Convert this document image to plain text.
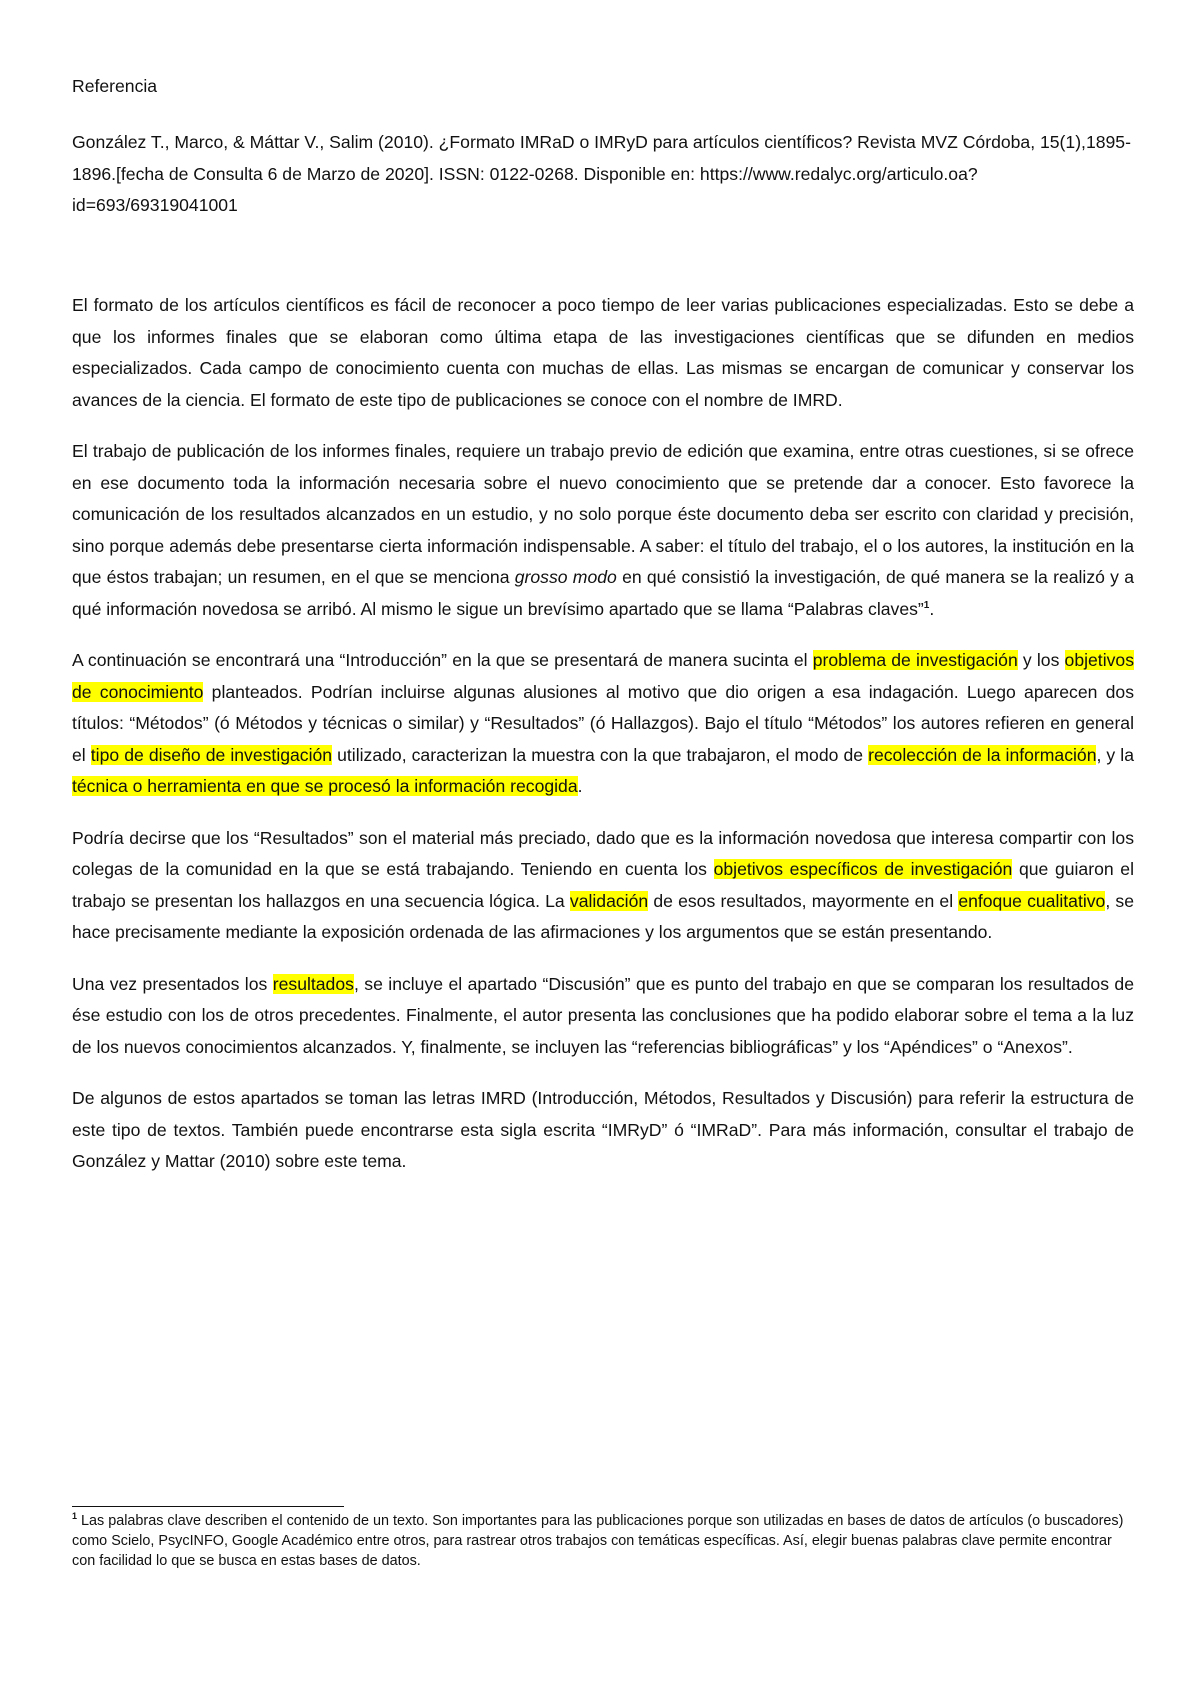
Referencia

González T., Marco, & Máttar V., Salim (2010). ¿Formato IMRaD o IMRyD para artículos científicos? Revista MVZ Córdoba, 15(1),1895-1896.[fecha de Consulta 6 de Marzo de 2020]. ISSN: 0122-0268. Disponible en: https://www.redalyc.org/articulo.oa?id=693/69319041001

El formato de los artículos científicos es fácil de reconocer a poco tiempo de leer varias publicaciones especializadas. Esto se debe a que los informes finales que se elaboran como última etapa de las investigaciones científicas que se difunden en medios especializados. Cada campo de conocimiento cuenta con muchas de ellas. Las mismas se encargan de comunicar y conservar los avances de la ciencia. El formato de este tipo de publicaciones se conoce con el nombre de IMRD.

El trabajo de publicación de los informes finales, requiere un trabajo previo de edición que examina, entre otras cuestiones, si se ofrece en ese documento toda la información necesaria sobre el nuevo conocimiento que se pretende dar a conocer. Esto favorece la comunicación de los resultados alcanzados en un estudio, y no solo porque éste documento deba ser escrito con claridad y precisión, sino porque además debe presentarse cierta información indispensable. A saber: el título del trabajo, el o los autores, la institución en la que éstos trabajan; un resumen, en el que se menciona grosso modo en qué consistió la investigación, de qué manera se la realizó y a qué información novedosa se arribó. Al mismo le sigue un brevísimo apartado que se llama “Palabras claves”$^1$.

A continuación se encontrará una “Introducción” en la que se presentará de manera sucinta el problema de investigación y los objetivos de conocimiento planteados. Podrían incluirse algunas alusiones al motivo que dio origen a esa indagación. Luego aparecen dos títulos: “Métodos” (ó Métodos y técnicas o similar) y “Resultados” (ó Hallazgos). Bajo el título “Métodos” los autores refieren en general el tipo de diseño de investigación utilizado, caracterizan la muestra con la que trabajaron, el modo de recolección de la información, y la técnica o herramienta en que se procesó la información recogida.

Podría decirse que los “Resultados” son el material más preciado, dado que es la información novedosa que interesa compartir con los colegas de la comunidad en la que se está trabajando. Teniendo en cuenta los objetivos específicos de investigación que guiaron el trabajo se presentan los hallazgos en una secuencia lógica. La validación de esos resultados, mayormente en el enfoque cualitativo, se hace precisamente mediante la exposición ordenada de las afirmaciones y los argumentos que se están presentando.

Una vez presentados los resultados, se incluye el apartado “Discusión” que es punto del trabajo en que se comparan los resultados de ése estudio con los de otros precedentes. Finalmente, el autor presenta las conclusiones que ha podido elaborar sobre el tema a la luz de los nuevos conocimientos alcanzados. Y, finalmente, se incluyen las “referencias bibliográficas” y los “Apéndices” o “Anexos”.

De algunos de estos apartados se toman las letras IMRD (Introducción, Métodos, Resultados y Discusión) para referir la estructura de este tipo de textos. También puede encontrarse esta sigla escrita “IMRyD” ó “IMRaD”. Para más información, consultar el trabajo de González y Mattar (2010) sobre este tema.

$^1$ Las palabras clave describen el contenido de un texto. Son importantes para las publicaciones porque son utilizadas en bases de datos de artículos (o buscadores) como Scielo, PsycINFO, Google Académico entre otros, para rastrear otros trabajos con temáticas específicas. Así, elegir buenas palabras clave permite encontrar con facilidad lo que se busca en estas bases de datos.
